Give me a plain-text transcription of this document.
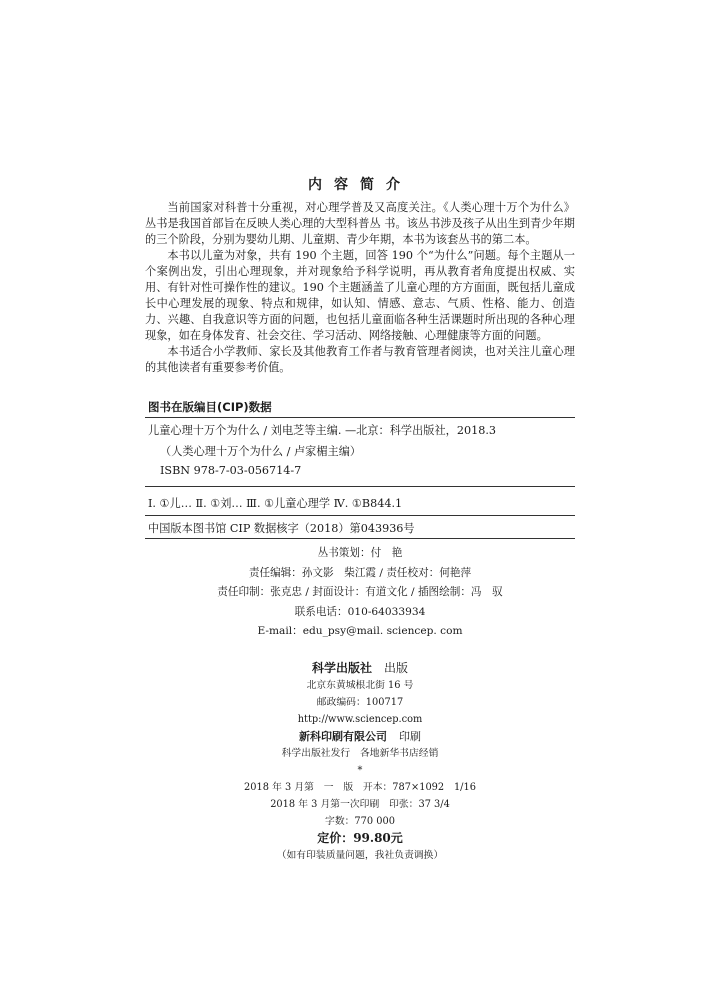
内容简介

当前国家对科普十分重视，对心理学普及又高度关注。《人类心理十万个为什么》丛书是我国首部旨在反映人类心理的大型科普丛 书。该丛书涉及孩子从出生到青少年期的三个阶段，分别为婴幼儿期、儿童期、青少年期，本书为该套丛书的第二本。

本书以儿童为对象，共有 190 个主题，回答 190 个“为什么”问题。每个主题从一个案例出发，引出心理现象，并对现象给予科学说明，再从教育者角度提出权威、实用、有针对性可操作性的建议。190 个主题涵盖了儿童心理的方方面面，既包括儿童成长中心理发展的现象、特点和规律，如认知、情感、意志、气质、性格、能力、创造力、兴趣、自我意识等方面的问题，也包括儿童面临各种生活课题时所出现的各种心理现象，如在身体发育、社会交往、学习活动、网络接触、心理健康等方面的问题。

本书适合小学教师、家长及其他教育工作者与教育管理者阅读，也对关注儿童心理的其他读者有重要参考价值。

图书在版编目(CIP)数据
儿童心理十万个为什么 / 刘电芝等主编. —北京：科学出版社，2018.3
（人类心理十万个为什么 / 卢家楣主编）
ISBN 978-7-03-056714-7
Ⅰ. ①儿… Ⅱ. ①刘… Ⅲ. ①儿童心理学 Ⅳ. ①B844.1
中国版本图书馆 CIP 数据核字（2018）第043936号
丛书策划：付　艳
责任编辑：孙文影　柴江霞 / 责任校对：何艳萍
责任印制：张克忠 / 封面设计：有道文化 / 插图绘制：冯　驭
联系电话：010-64033934
E-mail：edu_psy@mail. sciencep. com
科学出版社 出版
北京东黄城根北街 16 号
邮政编码：100717
http://www.sciencep.com
新科印刷有限公司 印刷
科学出版社发行　各地新华书店经销
*
2018 年 3 月第　一　版　开本：787×1092　1/16
2018 年 3 月第一次印刷　印张：37 3/4
字数：770 000
定价：99.80元
（如有印装质量问题，我社负责调换）
